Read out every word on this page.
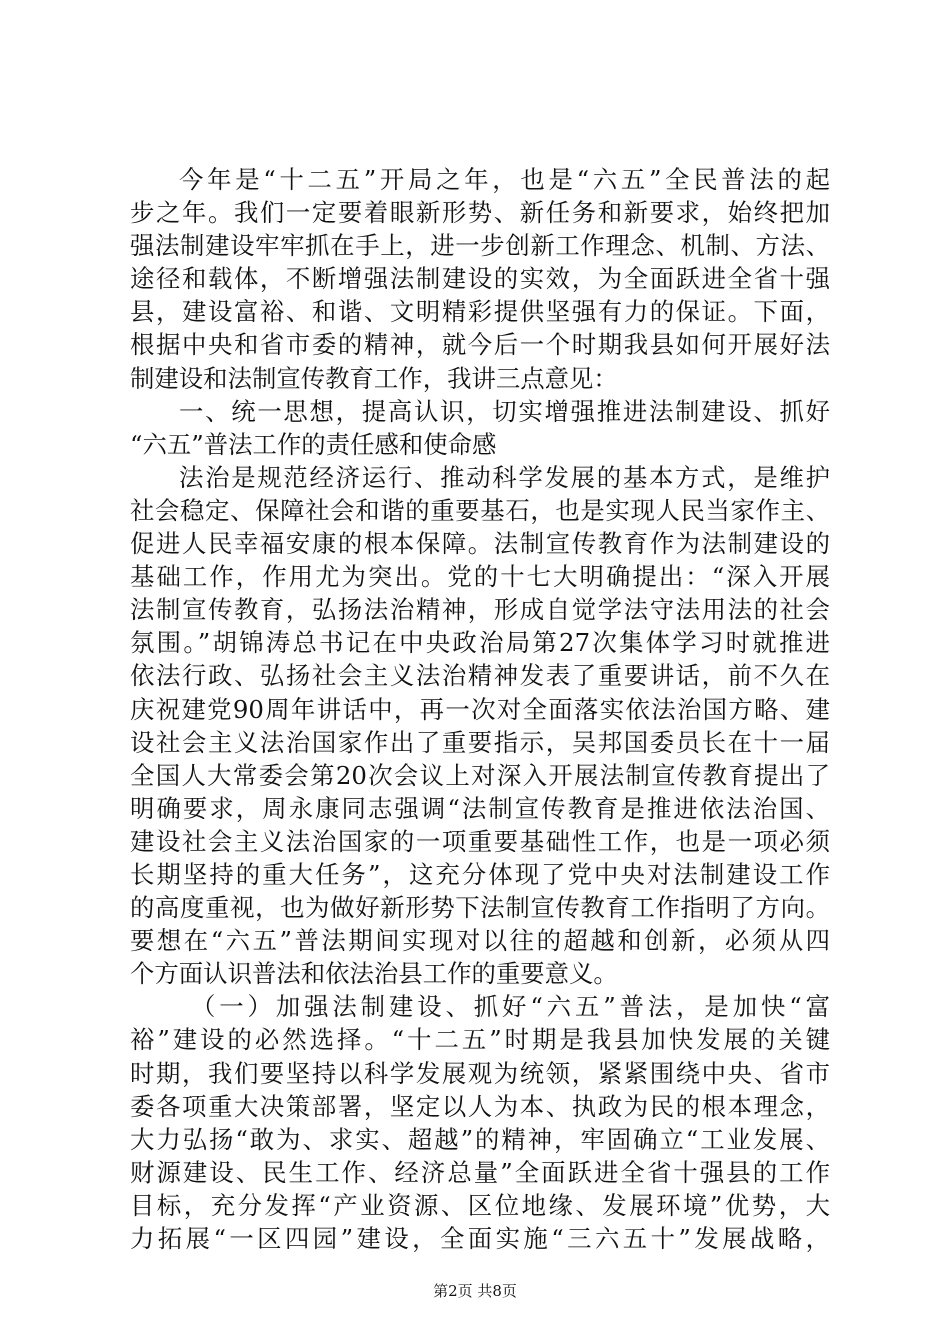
今年是“十二五”开局之年，也是“六五”全民普法的起
步之年。我们一定要着眼新形势、新任务和新要求，始终把加
强法制建设牢牢抓在手上，进一步创新工作理念、机制、方法、
途径和载体，不断增强法制建设的实效，为全面跃进全省十强
县，建设富裕、和谐、文明精彩提供坚强有力的保证。下面，
根据中央和省市委的精神，就今后一个时期我县如何开展好法
制建设和法制宣传教育工作，我讲三点意见：
一、统一思想，提高认识，切实增强推进法制建设、抓好
“六五”普法工作的责任感和使命感
法治是规范经济运行、推动科学发展的基本方式，是维护
社会稳定、保障社会和谐的重要基石，也是实现人民当家作主、
促进人民幸福安康的根本保障。法制宣传教育作为法制建设的
基础工作，作用尤为突出。党的十七大明确提出：“深入开展
法制宣传教育，弘扬法治精神，形成自觉学法守法用法的社会
氛围。”胡锦涛总书记在中央政治局第27次集体学习时就推进
依法行政、弘扬社会主义法治精神发表了重要讲话，前不久在
庆祝建党90周年讲话中，再一次对全面落实依法治国方略、建
设社会主义法治国家作出了重要指示，吴邦国委员长在十一届
全国人大常委会第20次会议上对深入开展法制宣传教育提出了
明确要求，周永康同志强调“法制宣传教育是推进依法治国、
建设社会主义法治国家的一项重要基础性工作，也是一项必须
长期坚持的重大任务”，这充分体现了党中央对法制建设工作
的高度重视，也为做好新形势下法制宣传教育工作指明了方向。
要想在“六五”普法期间实现对以往的超越和创新，必须从四
个方面认识普法和依法治县工作的重要意义。
（一）加强法制建设、抓好“六五”普法，是加快“富
裕”建设的必然选择。“十二五”时期是我县加快发展的关键
时期，我们要坚持以科学发展观为统领，紧紧围绕中央、省市
委各项重大决策部署，坚定以人为本、执政为民的根本理念，
大力弘扬“敢为、求实、超越”的精神，牢固确立“工业发展、
财源建设、民生工作、经济总量”全面跃进全省十强县的工作
目标，充分发挥“产业资源、区位地缘、发展环境”优势，大
力拓展“一区四园”建设，全面实施“三六五十”发展战略，
第2页 共8页
